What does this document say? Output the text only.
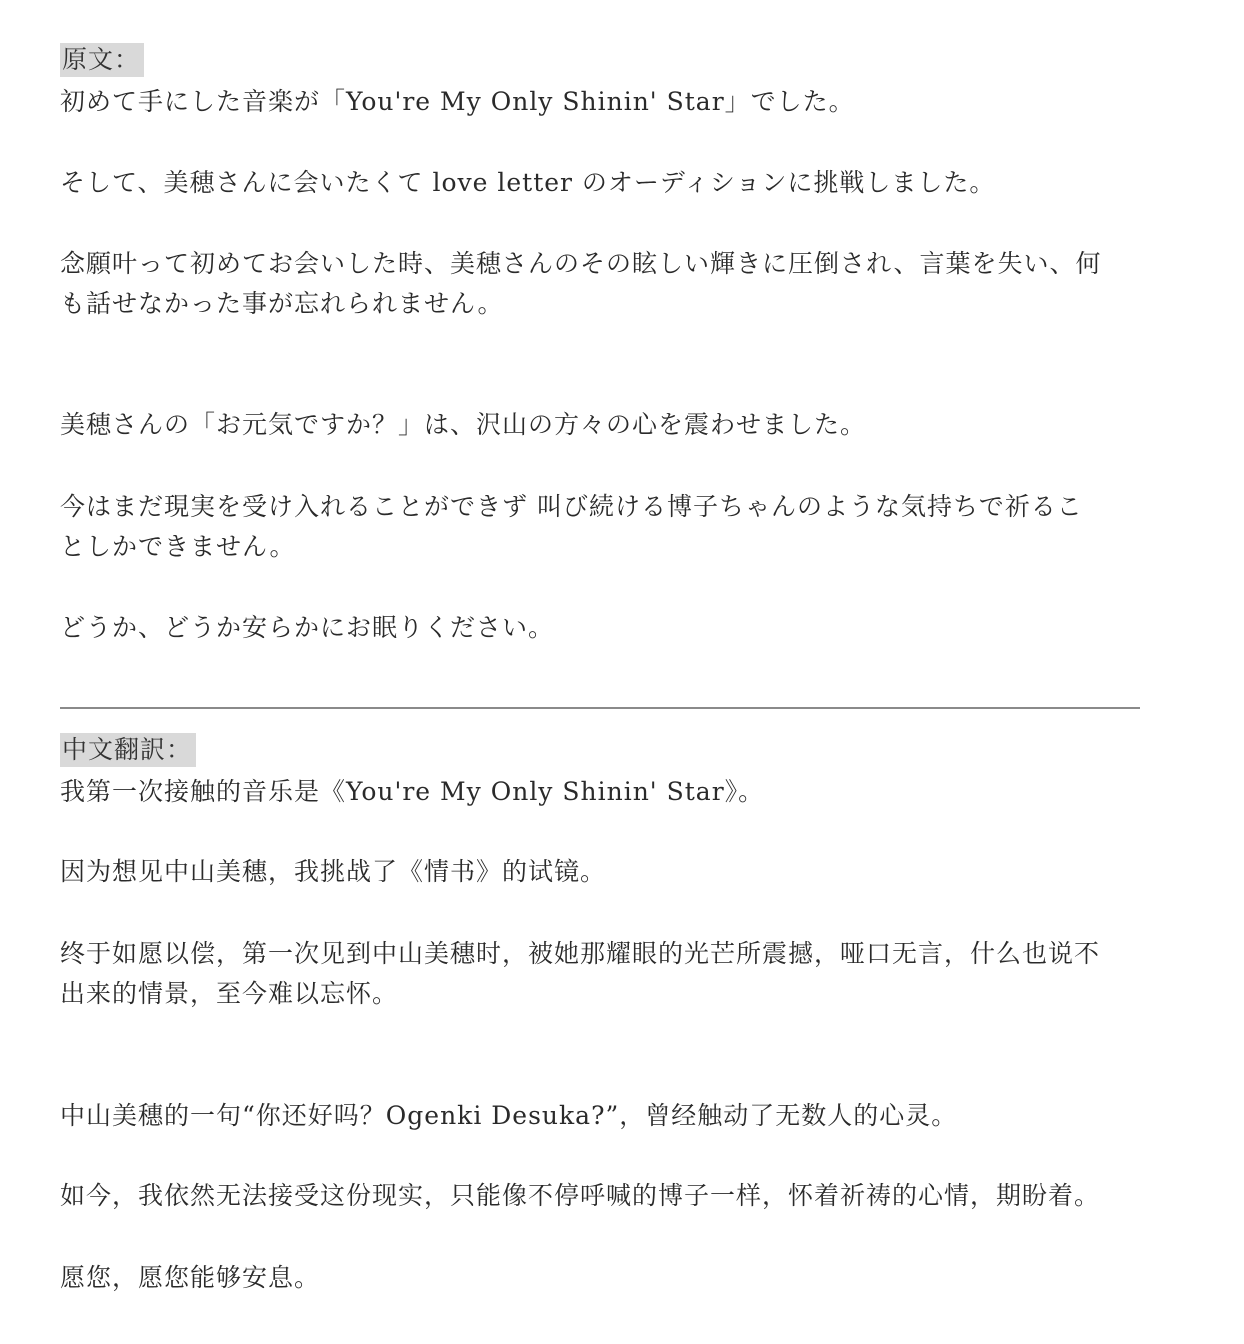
原文：
初めて手にした音楽が「You're My Only Shinin' Star」でした。
そして、美穂さんに会いたくて love letter のオーディションに挑戦しました。
念願叶って初めてお会いした時、美穂さんのその眩しい輝きに圧倒され、言葉を失い、何
も話せなかった事が忘れられません。
美穂さんの「お元気ですか？」は、沢山の方々の心を震わせました。
今はまだ現実を受け入れることができず 叫び続ける博子ちゃんのような気持ちで祈るこ
としかできません。
どうか、どうか安らかにお眠りください。
中文翻訳：
我第一次接触的音乐是《You're My Only Shinin' Star》。
因为想见中山美穗，我挑战了《情书》的试镜。
终于如愿以偿，第一次见到中山美穗时，被她那耀眼的光芒所震撼，哑口无言，什么也说不
出来的情景，至今难以忘怀。
中山美穗的一句“你还好吗？Ogenki Desuka?”，曾经触动了无数人的心灵。
如今，我依然无法接受这份现实，只能像不停呼喊的博子一样，怀着祈祷的心情，期盼着。
愿您，愿您能够安息。
